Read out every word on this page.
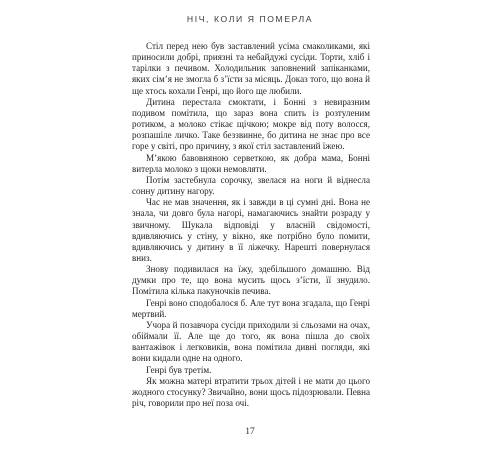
НІЧ, КОЛИ Я ПОМЕРЛА

Стіл перед нею був заставлений усіма смаколиками, які приносили добрі, приязні та небайдужі сусіди. Торти, хліб і тарілки з печивом. Холодильник заповнений запіканками, яких сім’я не змогла б з’їсти за місяць. Доказ того, що вона й ще хтось кохали Генрі, що його ще любили.

Дитина перестала смоктати, і Бонні з невиразним подивом помітила, що зараз вона спить із розтуленим ротиком, а молоко стікає щічкою; мокре від поту волосся, розпашіле личко. Таке беззвинне, бо дитина не знає про все горе у світі, про причину, з якої стіл заставлений їжею.

М’якою бавовняною серветкою, як добра мама, Бонні витерла молоко з щоки немовляти.

Потім застебнула сорочку, звелася на ноги й віднесла сонну дитину нагору.

Час не мав значення, як і завжди в ці сумні дні. Вона не знала, чи довго була нагорі, намагаючись знайти розраду у звичному. Шукала відповіді у власній свідомості, вдивляючись у стіну, у вікно, яке потрібно було помити, вдивляючись у дитину в її ліжечку. Нарешті повернулася вниз.

Знову подивилася на їжу, здебільшого домашню. Від думки про те, що вона мусить щось з’їсти, її знудило. Помітила кілька пакуночків печива.

Генрі воно сподобалося б. Але тут вона згадала, що Генрі мертвий.

Учора й позавчора сусіди приходили зі сльозами на очах, обіймали її. Але ще до того, як вона пішла до своїх вантажівок і легковиків, вона помітила дивні погляди, які вони кидали одне на одного.

Генрі був третім.

Як можна матері втратити трьох дітей і не мати до цього жодного стосунку? Звичайно, вони щось підозрювали. Певна річ, говорили про неї поза очі.

17
